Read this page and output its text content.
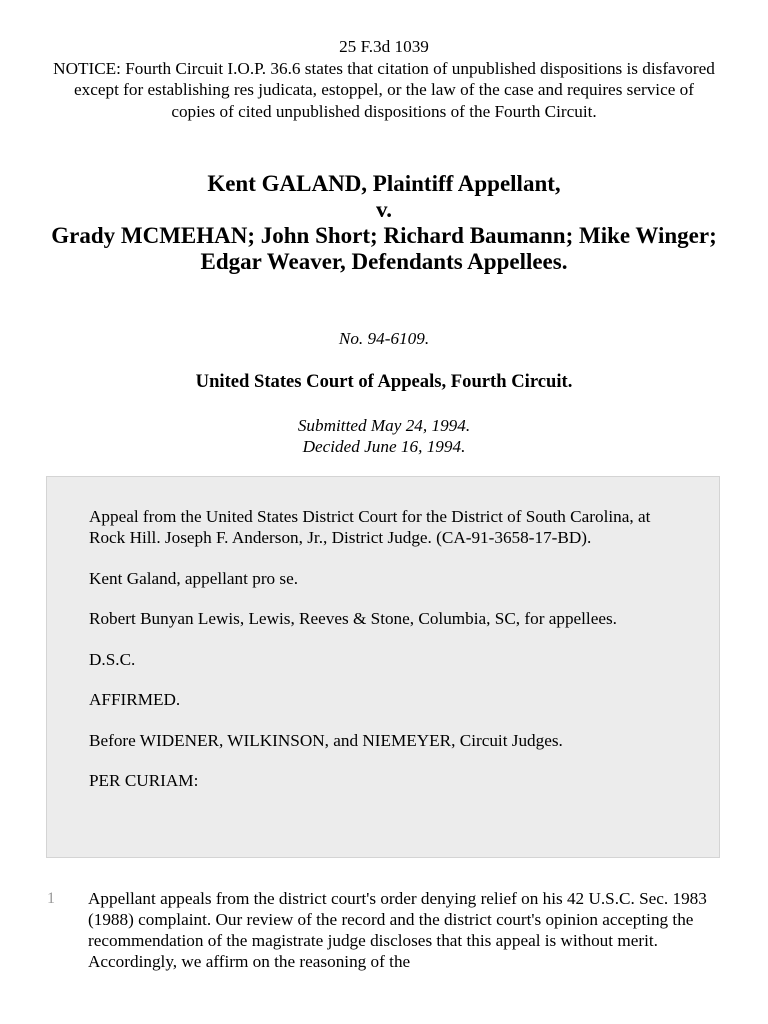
25 F.3d 1039

NOTICE: Fourth Circuit I.O.P. 36.6 states that citation of unpublished dispositions is disfavored except for establishing res judicata, estoppel, or the law of the case and requires service of copies of cited unpublished dispositions of the Fourth Circuit.

Kent GALAND, Plaintiff Appellant,

v.

Grady MCMEHAN; John Short; Richard Baumann; Mike Winger;

Edgar Weaver, Defendants Appellees.

No. 94-6109.
United States Court of Appeals, Fourth Circuit.

Submitted May 24, 1994.

Decided June 16, 1994.

Appeal from the United States District Court for the District of South Carolina, at Rock Hill. Joseph F. Anderson, Jr., District Judge. (CA-91-3658-17-BD).

Kent Galand, appellant pro se.

Robert Bunyan Lewis, Lewis, Reeves & Stone, Columbia, SC, for appellees.

D.S.C.

AFFIRMED.

Before WIDENER, WILKINSON, and NIEMEYER, Circuit Judges.

PER CURIAM:

1 Appellant appeals from the district court's order denying relief on his 42 U.S.C. Sec. 1983 (1988) complaint. Our review of the record and the district court's opinion accepting the recommendation of the magistrate judge discloses that this appeal is without merit. Accordingly, we affirm on the reasoning of the
